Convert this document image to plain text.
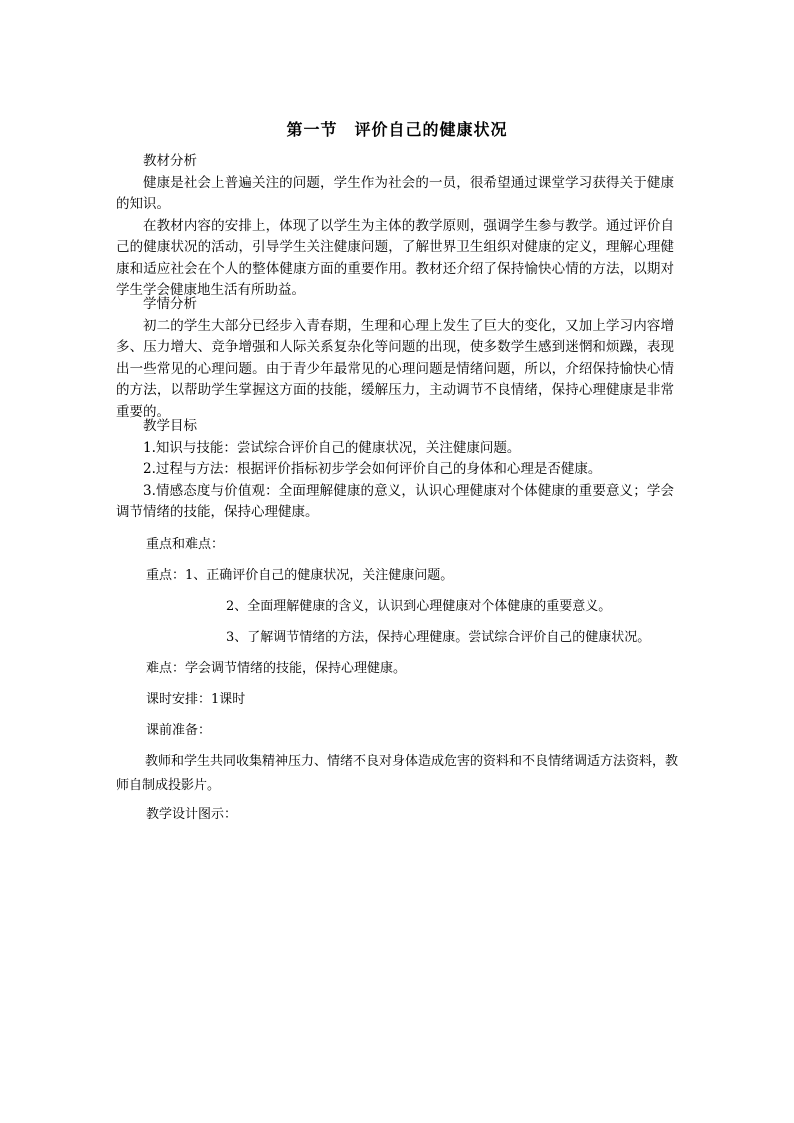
第一节　评价自己的健康状况
教材分析
健康是社会上普遍关注的问题，学生作为社会的一员，很希望通过课堂学习获得关于健康的知识。
在教材内容的安排上，体现了以学生为主体的教学原则，强调学生参与教学。通过评价自己的健康状况的活动，引导学生关注健康问题，了解世界卫生组织对健康的定义，理解心理健康和适应社会在个人的整体健康方面的重要作用。教材还介绍了保持愉快心情的方法，以期对学生学会健康地生活有所助益。
学情分析
初二的学生大部分已经步入青春期，生理和心理上发生了巨大的变化，又加上学习内容增多、压力增大、竞争增强和人际关系复杂化等问题的出现，使多数学生感到迷惘和烦躁，表现出一些常见的心理问题。由于青少年最常见的心理问题是情绪问题，所以，介绍保持愉快心情的方法，以帮助学生掌握这方面的技能，缓解压力，主动调节不良情绪，保持心理健康是非常重要的。
教学目标
1.知识与技能：尝试综合评价自己的健康状况，关注健康问题。
2.过程与方法：根据评价指标初步学会如何评价自己的身体和心理是否健康。
3.情感态度与价值观：全面理解健康的意义，认识心理健康对个体健康的重要意义；学会调节情绪的技能，保持心理健康。
重点和难点：
重点：1、正确评价自己的健康状况，关注健康问题。
2、全面理解健康的含义，认识到心理健康对个体健康的重要意义。
3、了解调节情绪的方法，保持心理健康。尝试综合评价自己的健康状况。
难点：学会调节情绪的技能，保持心理健康。
课时安排：1课时
课前准备：
教师和学生共同收集精神压力、情绪不良对身体造成危害的资料和不良情绪调适方法资料，教师自制成投影片。
教学设计图示：
